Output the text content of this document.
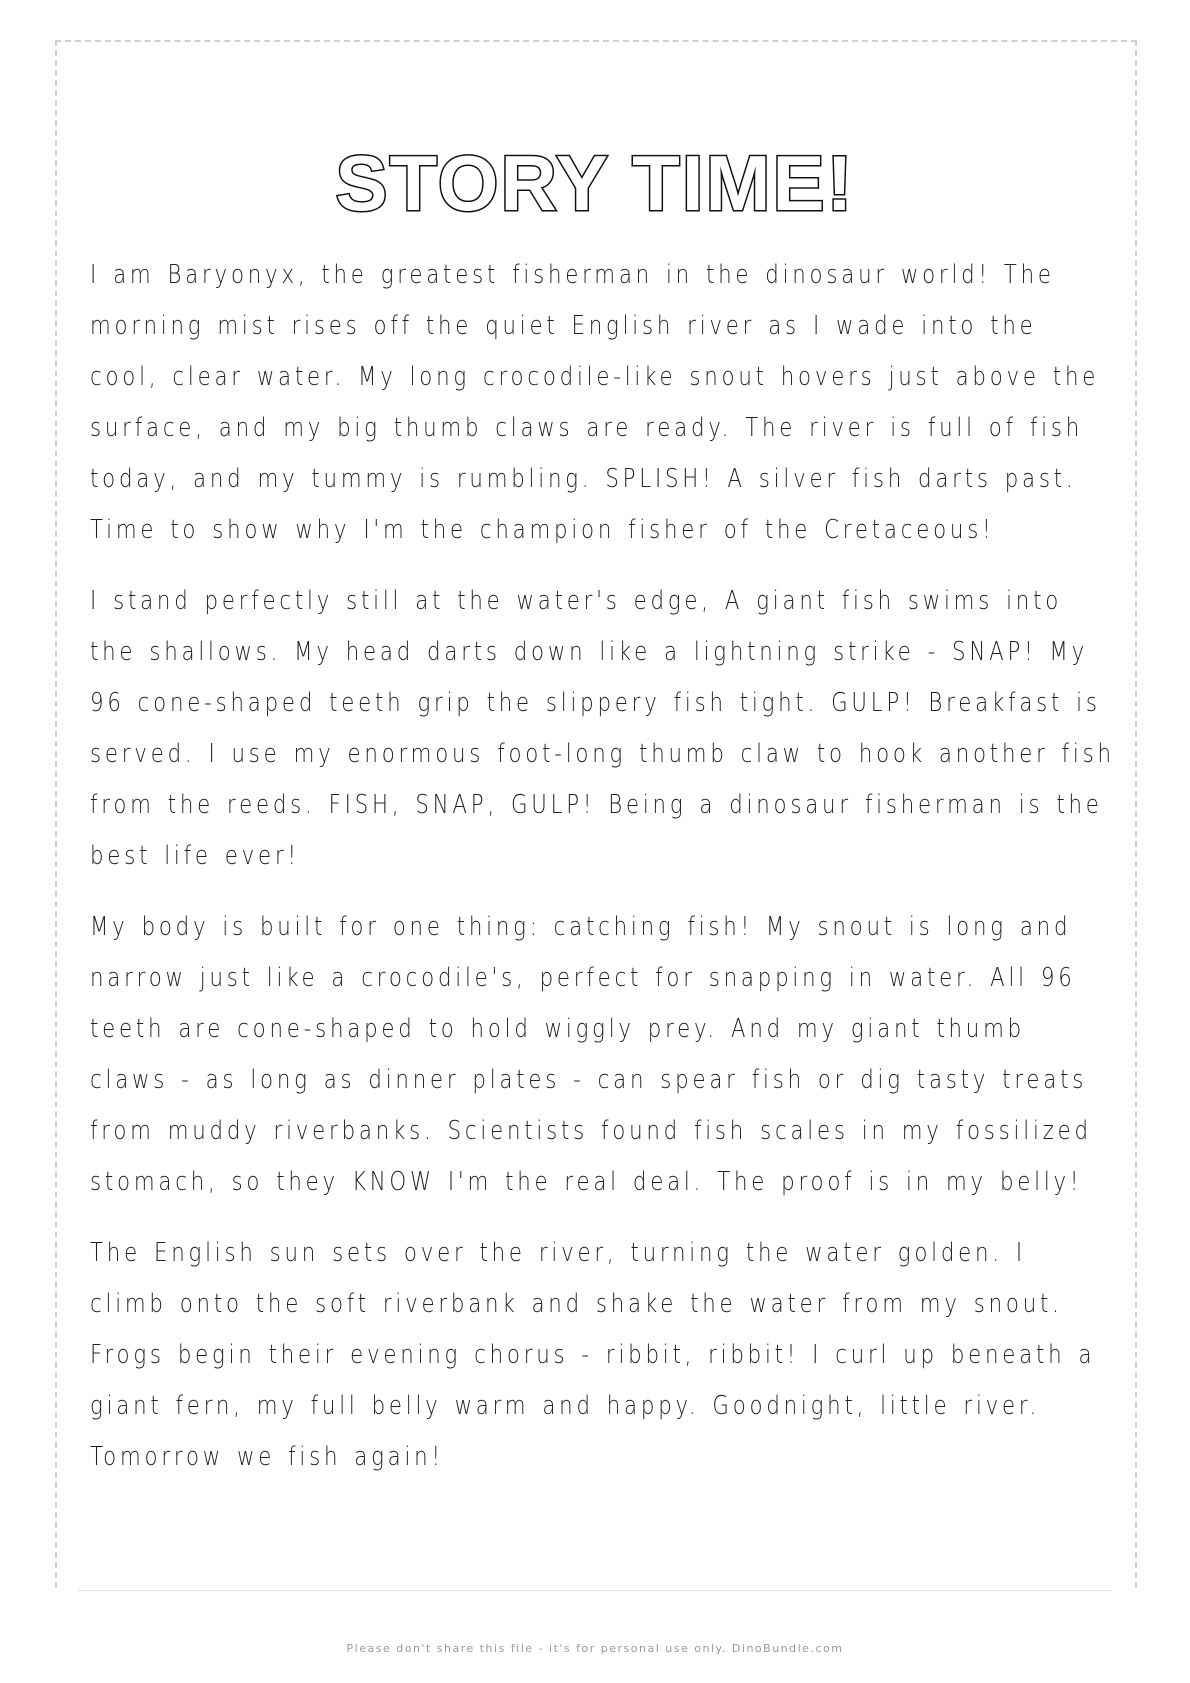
STORY TIME!

I am Baryonyx, the greatest fisherman in the dinosaur world! The morning mist rises off the quiet English river as I wade into the cool, clear water. My long crocodile-like snout hovers just above the surface, and my big thumb claws are ready. The river is full of fish today, and my tummy is rumbling. SPLISH! A silver fish darts past. Time to show why I'm the champion fisher of the Cretaceous!

I stand perfectly still at the water's edge, A giant fish swims into the shallows. My head darts down like a lightning strike - SNAP! My 96 cone-shaped teeth grip the slippery fish tight. GULP! Breakfast is served. I use my enormous foot-long thumb claw to hook another fish from the reeds. FISH, SNAP, GULP! Being a dinosaur fisherman is the best life ever!

My body is built for one thing: catching fish! My snout is long and narrow just like a crocodile's, perfect for snapping in water. All 96 teeth are cone-shaped to hold wiggly prey. And my giant thumb claws - as long as dinner plates - can spear fish or dig tasty treats from muddy riverbanks. Scientists found fish scales in my fossilized stomach, so they KNOW I'm the real deal. The proof is in my belly!

The English sun sets over the river, turning the water golden. I climb onto the soft riverbank and shake the water from my snout. Frogs begin their evening chorus - ribbit, ribbit! I curl up beneath a giant fern, my full belly warm and happy. Goodnight, little river. Tomorrow we fish again!

Please don't share this file - it's for personal use only. DinoBundle.com
